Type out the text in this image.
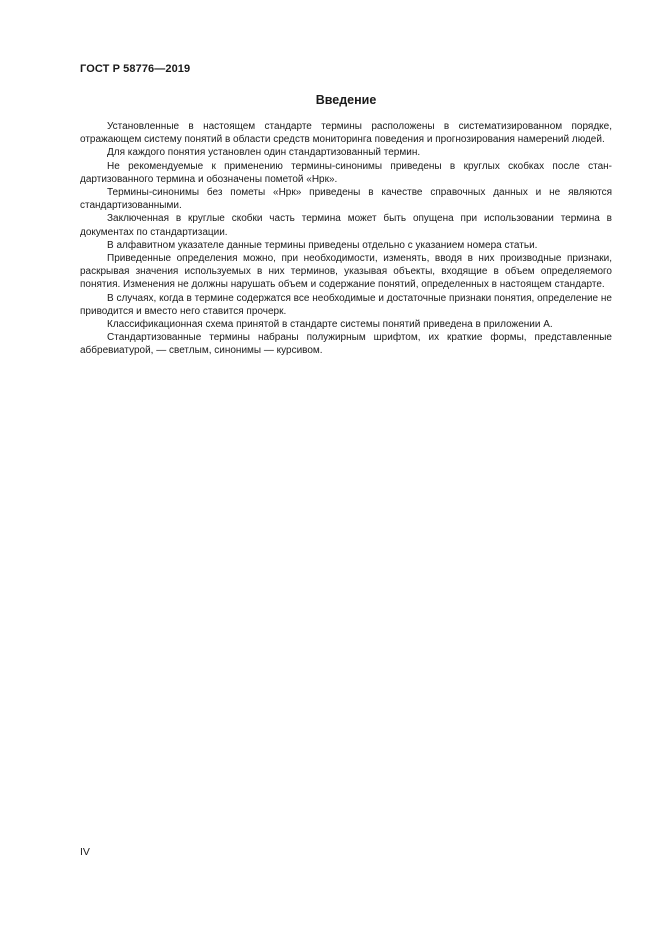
ГОСТ Р 58776—2019
Введение

Установленные в настоящем стандарте термины расположены в систематизированном порядке, отражающем систему понятий в области средств мониторинга поведения и прогнозирования намерений людей.

Для каждого понятия установлен один стандартизованный термин.

Не рекомендуемые к применению термины-синонимы приведены в круглых скобках после стандартизованного термина и обозначены пометой «Нрк».

Термины-синонимы без пометы «Нрк» приведены в качестве справочных данных и не являются стандартизованными.

Заключенная в круглые скобки часть термина может быть опущена при использовании термина в документах по стандартизации.

В алфавитном указателе данные термины приведены отдельно с указанием номера статьи.

Приведенные определения можно, при необходимости, изменять, вводя в них производные признаки, раскрывая значения используемых в них терминов, указывая объекты, входящие в объем определяемого понятия. Изменения не должны нарушать объем и содержание понятий, определенных в настоящем стандарте.

В случаях, когда в термине содержатся все необходимые и достаточные признаки понятия, определение не приводится и вместо него ставится прочерк.

Классификационная схема принятой в стандарте системы понятий приведена в приложении А.

Стандартизованные термины набраны полужирным шрифтом, их краткие формы, представленные аббревиатурой, — светлым, синонимы — курсивом.

IV
